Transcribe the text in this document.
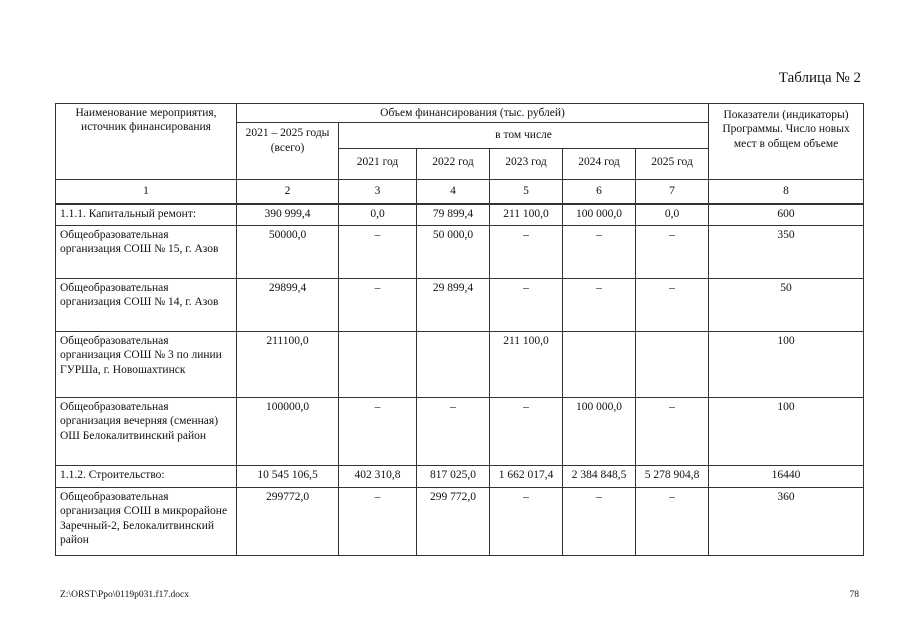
Таблица № 2
Наименование мероприятия, источник финансирования	Объем финансирования (тыс. рублей)						Показатели (индикаторы) Программы. Число новых мест в общем объеме
	2021 – 2025 годы (всего)	в том числе					
		2021 год	2022 год	2023 год	2024 год	2025 год	
1	2	3	4	5	6	7	8
1.1.1. Капитальный ремонт:	390 999,4	0,0	79 899,4	211 100,0	100 000,0	0,0	600
Общеобразовательная организация СОШ № 15, г. Азов	50000,0	–	50 000,0	–	–	–	350
Общеобразовательная организация СОШ № 14, г. Азов	29899,4	–	29 899,4	–	–	–	50
Общеобразовательная организация СОШ № 3 по линии ГУРШа, г. Новошахтинск	211100,0			211 100,0			100
Общеобразовательная организация вечерняя (сменная) ОШ Белокалитвинский район	100000,0	–	–	–	100 000,0	–	100
1.1.2. Строительство:	10 545 106,5	402 310,8	817 025,0	1 662 017,4	2 384 848,5	5 278 904,8	16440
Общеобразовательная организация СОШ в микрорайоне Заречный-2, Белокалитвинский район	299772,0	–	299 772,0	–	–	–	360
Z:\ORST\Ppo\0119p031.f17.docx	78
